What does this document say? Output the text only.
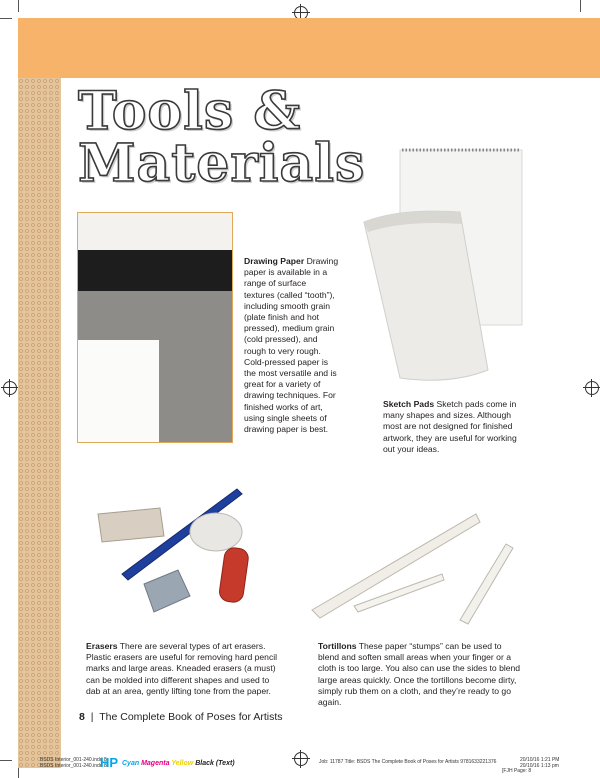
Tools &
Materials
Drawing Paper Drawing paper is available in a range of surface textures (called “tooth”), including smooth grain (plate finish and hot pressed), medium grain (cold pressed), and rough to very rough. Cold-pressed paper is the most versatile and is great for a variety of drawing techniques. For finished works of art, using single sheets of drawing paper is best.
Sketch Pads Sketch pads come in many shapes and sizes. Although most are not designed for finished artwork, they are useful for working out your ideas.
Erasers There are several types of art erasers. Plastic erasers are useful for removing hard pencil marks and large areas. Kneaded erasers (a must) can be molded into different shapes and used to dab at an area, gently lifting tone from the paper.
Tortillons These paper “stumps” can be used to blend and soften small areas when your finger or a cloth is too large. You also can use the sides to blend large areas quickly. Once the tortillons become dirty, simply rub them on a cloth, and they’re ready to go again.
8 | The Complete Book of Poses for Artists
BSDS Interior_001-240.indd 8
BSDS Interior_001-240.indd 8
HP Cyan Magenta Yellow Black (Text)	Job: 11787 Title: BSDS The Complete Book of Poses for Artists 9781633221376
[FJH Page: 8
20/10/16 1:21 PM
20/10/16 1:13 pm
